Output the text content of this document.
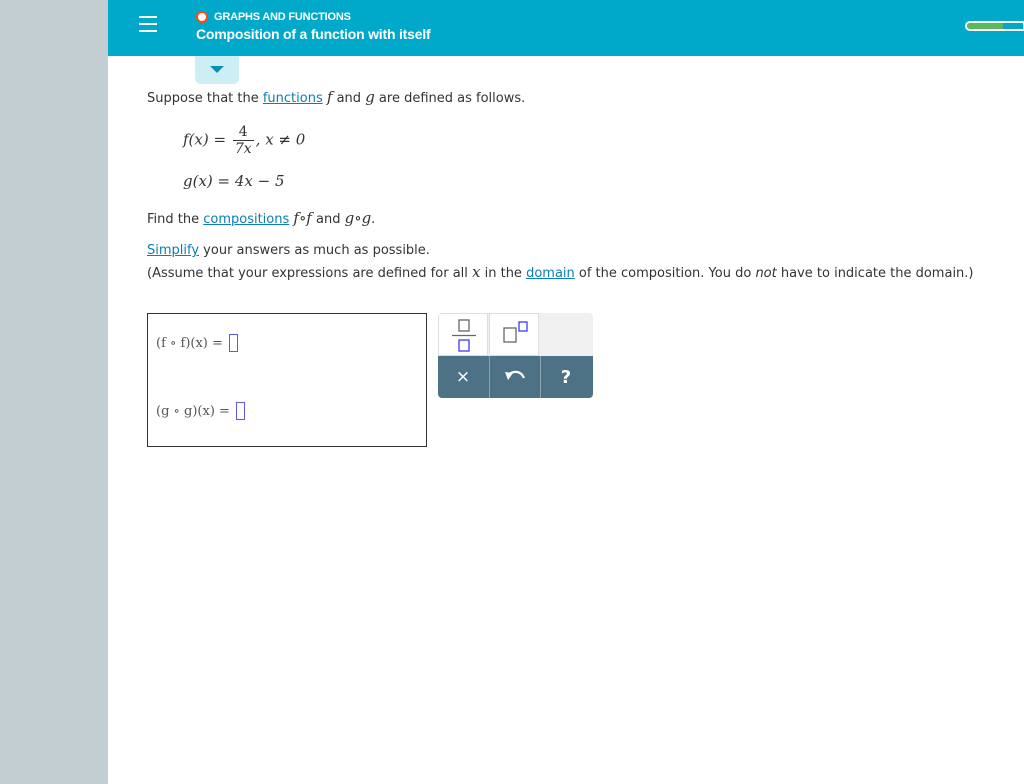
GRAPHS AND FUNCTIONS
Composition of a function with itself
Suppose that the functions f and g are defined as follows.
$f(x) = \frac{4}{7x}$ , x ≠ 0
g(x) = 4x − 5
Find the compositions f∘f and g∘g.
Simplify your answers as much as possible.
(Assume that your expressions are defined for all x in the domain of the composition. You do not have to indicate the domain.)
(f ∘ f)(x) =
(g ∘ g)(x) =
×	?
